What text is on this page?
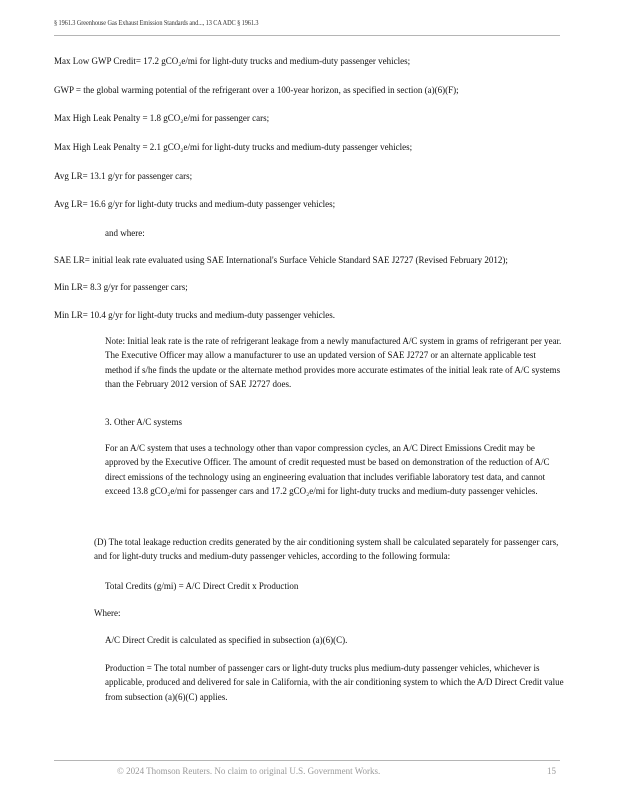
§ 1961.3 Greenhouse Gas Exhaust Emission Standards and..., 13 CA ADC § 1961.3
Max Low GWP Credit= 17.2 gCO₂e/mi for light-duty trucks and medium-duty passenger vehicles;
GWP = the global warming potential of the refrigerant over a 100-year horizon, as specified in section (a)(6)(F);
Max High Leak Penalty = 1.8 gCO₂e/mi for passenger cars;
Max High Leak Penalty = 2.1 gCO₂e/mi for light-duty trucks and medium-duty passenger vehicles;
Avg LR= 13.1 g/yr for passenger cars;
Avg LR= 16.6 g/yr for light-duty trucks and medium-duty passenger vehicles;
and where:
SAE LR= initial leak rate evaluated using SAE International's Surface Vehicle Standard SAE J2727 (Revised February 2012);
Min LR= 8.3 g/yr for passenger cars;
Min LR= 10.4 g/yr for light-duty trucks and medium-duty passenger vehicles.
Note: Initial leak rate is the rate of refrigerant leakage from a newly manufactured A/C system in grams of refrigerant per year. The Executive Officer may allow a manufacturer to use an updated version of SAE J2727 or an alternate applicable test method if s/he finds the update or the alternate method provides more accurate estimates of the initial leak rate of A/C systems than the February 2012 version of SAE J2727 does.
3. Other A/C systems
For an A/C system that uses a technology other than vapor compression cycles, an A/C Direct Emissions Credit may be approved by the Executive Officer. The amount of credit requested must be based on demonstration of the reduction of A/C direct emissions of the technology using an engineering evaluation that includes verifiable laboratory test data, and cannot exceed 13.8 gCO₂e/mi for passenger cars and 17.2 gCO₂e/mi for light-duty trucks and medium-duty passenger vehicles.
(D) The total leakage reduction credits generated by the air conditioning system shall be calculated separately for passenger cars, and for light-duty trucks and medium-duty passenger vehicles, according to the following formula:
Total Credits (g/mi) = A/C Direct Credit x Production
Where:
A/C Direct Credit is calculated as specified in subsection (a)(6)(C).
Production = The total number of passenger cars or light-duty trucks plus medium-duty passenger vehicles, whichever is applicable, produced and delivered for sale in California, with the air conditioning system to which the A/D Direct Credit value from subsection (a)(6)(C) applies.
© 2024 Thomson Reuters. No claim to original U.S. Government Works.	15
